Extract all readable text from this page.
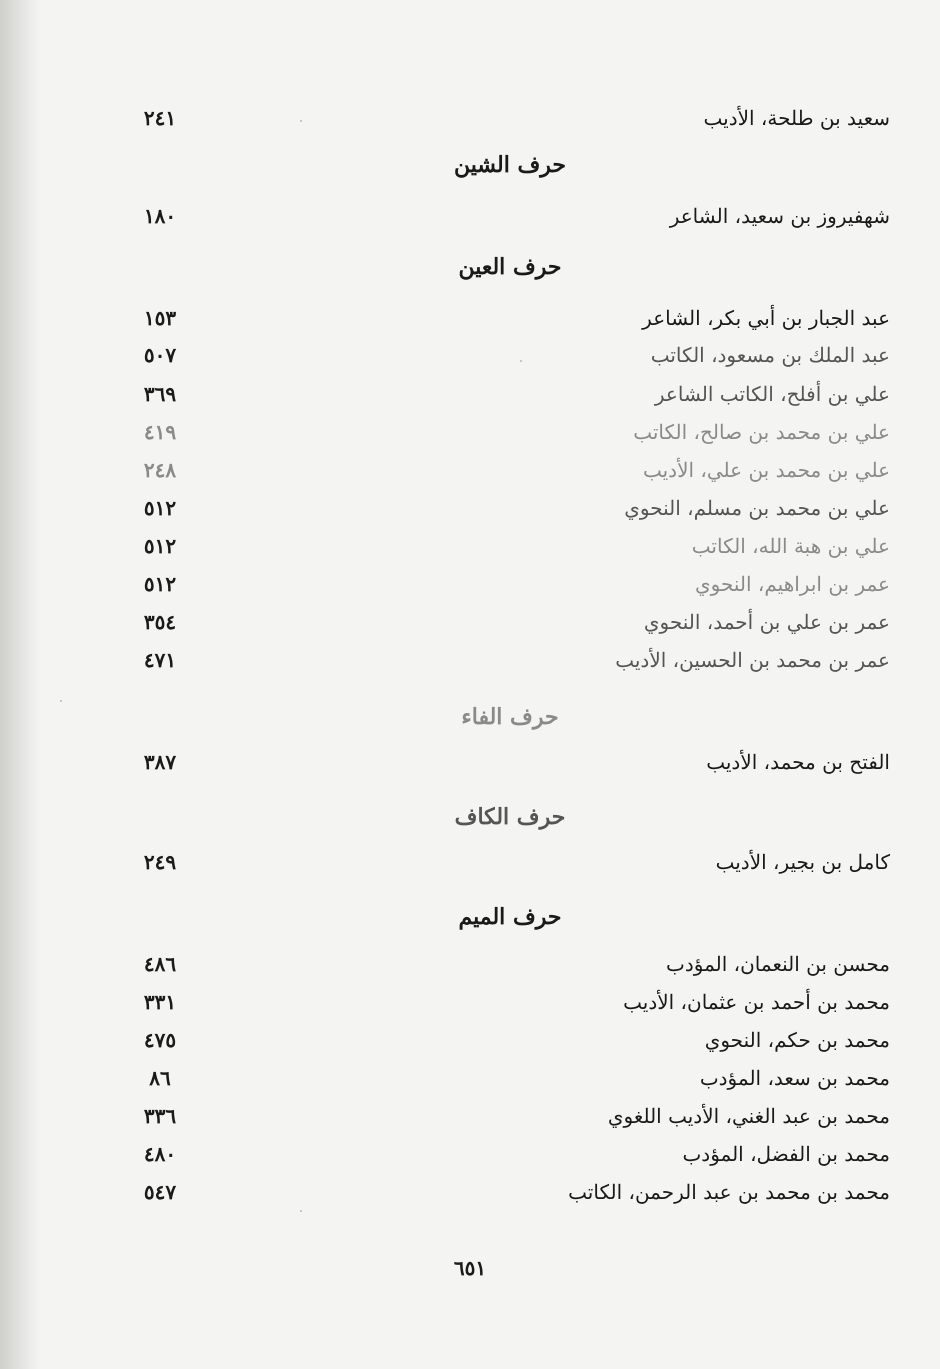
سعيد بن طلحة، الأديب
٢٤١
حرف الشين
شهفيروز بن سعيد، الشاعر
١٨٠
حرف العين
عبد الجبار بن أبي بكر، الشاعر
١٥٣
عبد الملك بن مسعود، الكاتب
٥٠٧
علي بن أفلح، الكاتب الشاعر
٣٦٩
علي بن محمد بن صالح، الكاتب
٤١٩
علي بن محمد بن علي، الأديب
٢٤٨
علي بن محمد بن مسلم، النحوي
٥١٢
علي بن هبة الله، الكاتب
٥١٢
عمر بن ابراهيم، النحوي
٥١٢
عمر بن علي بن أحمد، النحوي
٣٥٤
عمر بن محمد بن الحسين، الأديب
٤٧١
حرف الفاء
الفتح بن محمد، الأديب
٣٨٧
حرف الكاف
كامل بن بجير، الأديب
٢٤٩
حرف الميم
محسن بن النعمان، المؤدب
٤٨٦
محمد بن أحمد بن عثمان، الأديب
٣٣١
محمد بن حكم، النحوي
٤٧٥
محمد بن سعد، المؤدب
٨٦
محمد بن عبد الغني، الأديب اللغوي
٣٣٦
محمد بن الفضل، المؤدب
٤٨٠
محمد بن محمد بن عبد الرحمن، الكاتب
٥٤٧
٦٥١
